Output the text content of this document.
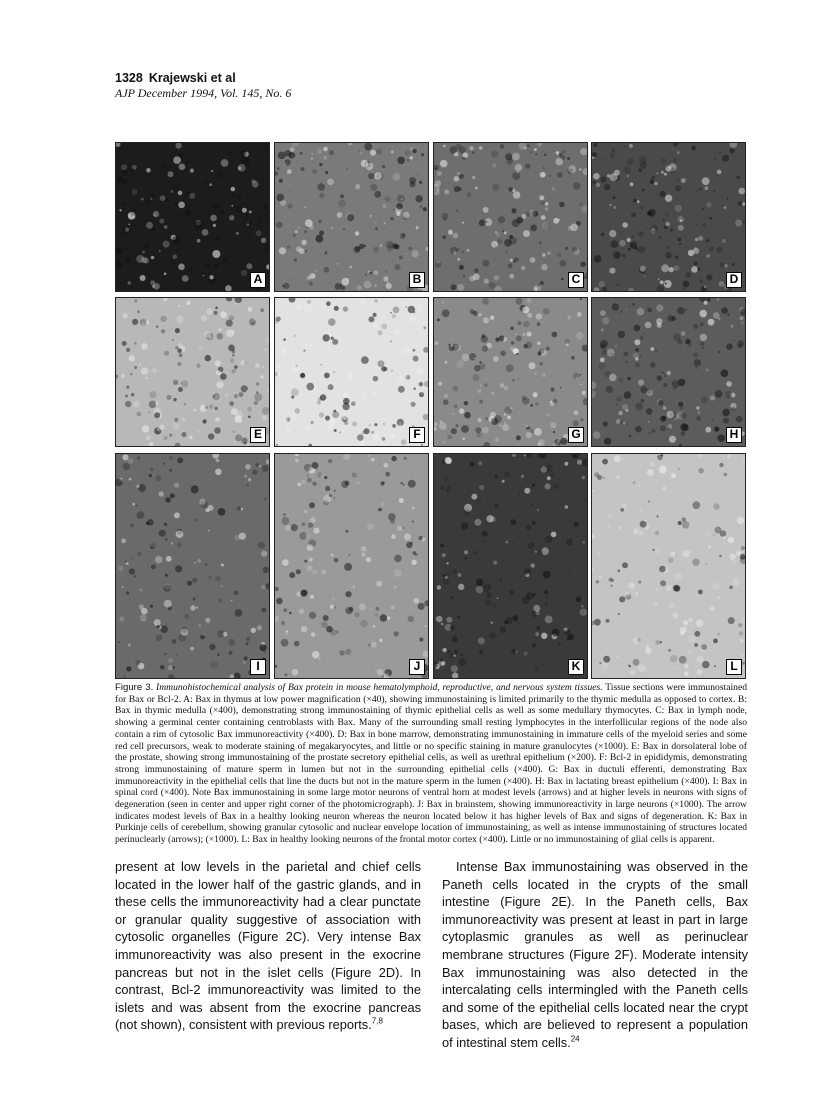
1328 Krajewski et al
AJP December 1994, Vol. 145, No. 6
A	B	C	D
E	F	G	H
I	J	K	L
Figure 3. Immunohistochemical analysis of Bax protein in mouse hematolymphoid, reproductive, and nervous system tissues. Tissue sections were immunostained for Bax or Bcl-2. A: Bax in thymus at low power magnification (×40), showing immunostaining is limited primarily to the thymic medulla as opposed to cortex. B: Bax in thymic medulla (×400), demonstrating strong immunostaining of thymic epithelial cells as well as some medullary thymocytes. C: Bax in lymph node, showing a germinal center containing centroblasts with Bax. Many of the surrounding small resting lymphocytes in the interfollicular regions of the node also contain a rim of cytosolic Bax immunoreactivity (×400). D: Bax in bone marrow, demonstrating immunostaining in immature cells of the myeloid series and some red cell precursors, weak to moderate staining of megakaryocytes, and little or no specific staining in mature granulocytes (×1000). E: Bax in dorsolateral lobe of the prostate, showing strong immunostaining of the prostate secretory epithelial cells, as well as urethral epithelium (×200). F: Bcl-2 in epididymis, demonstrating strong immunostaining of mature sperm in lumen but not in the surrounding epithelial cells (×400). G: Bax in ductuli efferenti, demonstrating Bax immunoreactivity in the epithelial cells that line the ducts but not in the mature sperm in the lumen (×400). H: Bax in lactating breast epithelium (×400). I: Bax in spinal cord (×400). Note Bax immunostaining in some large motor neurons of ventral horn at modest levels (arrows) and at higher levels in neurons with signs of degeneration (seen in center and upper right corner of the photomicrograph). J: Bax in brainstem, showing immunoreactivity in large neurons (×1000). The arrow indicates modest levels of Bax in a healthy looking neuron whereas the neuron located below it has higher levels of Bax and signs of degeneration. K: Bax in Purkinje cells of cerebellum, showing granular cytosolic and nuclear envelope location of immunostaining, as well as intense immunostaining of structures located perinuclearly (arrows); (×1000). L: Bax in healthy looking neurons of the frontal motor cortex (×400). Little or no immunostaining of glial cells is apparent.

present at low levels in the parietal and chief cells located in the lower half of the gastric glands, and in these cells the immunoreactivity had a clear punctate or granular quality suggestive of association with cytosolic organelles (Figure 2C). Very intense Bax immunoreactivity was also present in the exocrine pancreas but not in the islet cells (Figure 2D). In contrast, Bcl-2 immunoreactivity was limited to the islets and was absent from the exocrine pancreas (not shown), consistent with previous reports.$^{7,8}$

Intense Bax immunostaining was observed in the Paneth cells located in the crypts of the small intestine (Figure 2E). In the Paneth cells, Bax immunoreactivity was present at least in part in large cytoplasmic granules as well as perinuclear membrane structures (Figure 2F). Moderate intensity Bax immunostaining was also detected in the intercalating cells intermingled with the Paneth cells and some of the epithelial cells located near the crypt bases, which are believed to represent a population of intestinal stem cells.$^{24}$
